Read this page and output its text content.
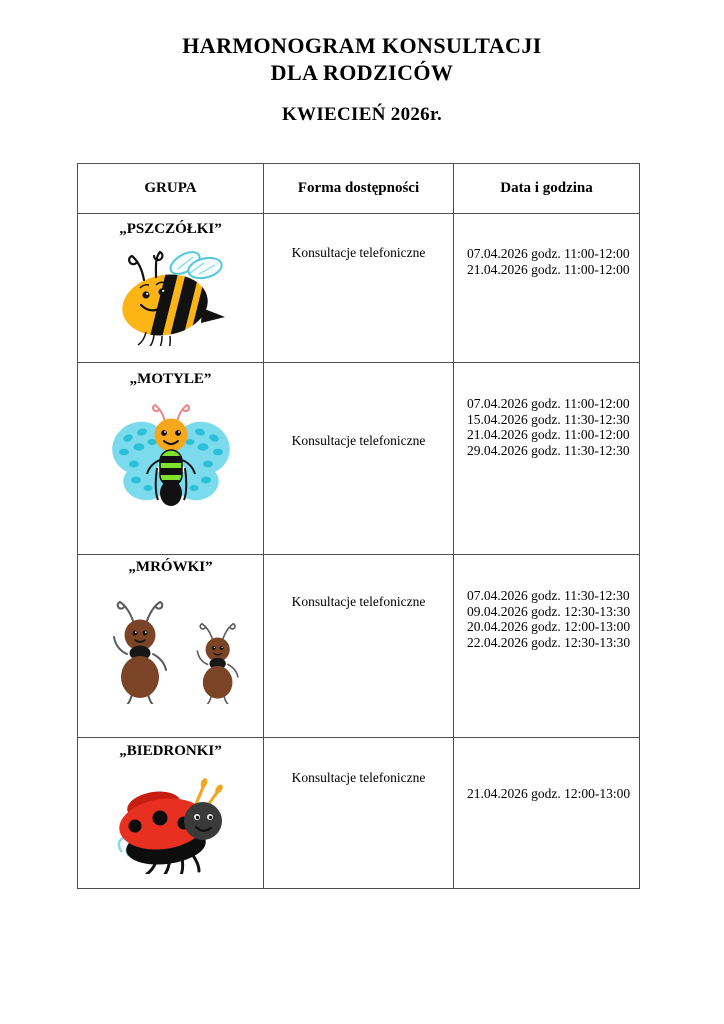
HARMONOGRAM KONSULTACJI
DLA RODZICÓW
KWIECIEŃ 2026r.
GRUPA	Forma dostępności	Data i godzina

„PSZCZÓŁKI”	Konsultacje telefoniczne	07.04.2026 godz. 11:00-12:00
21.04.2026 godz. 11:00-12:00

„MOTYLE”	Konsultacje telefoniczne	07.04.2026 godz. 11:00-12:00
15.04.2026 godz. 11:30-12:30
21.04.2026 godz. 11:00-12:00
29.04.2026 godz. 11:30-12:30

„MRÓWKI”	Konsultacje telefoniczne	07.04.2026 godz. 11:30-12:30
09.04.2026 godz. 12:30-13:30
20.04.2026 godz. 12:00-13:00
22.04.2026 godz. 12:30-13:30

„BIEDRONKI”	Konsultacje telefoniczne	21.04.2026 godz. 12:00-13:00
